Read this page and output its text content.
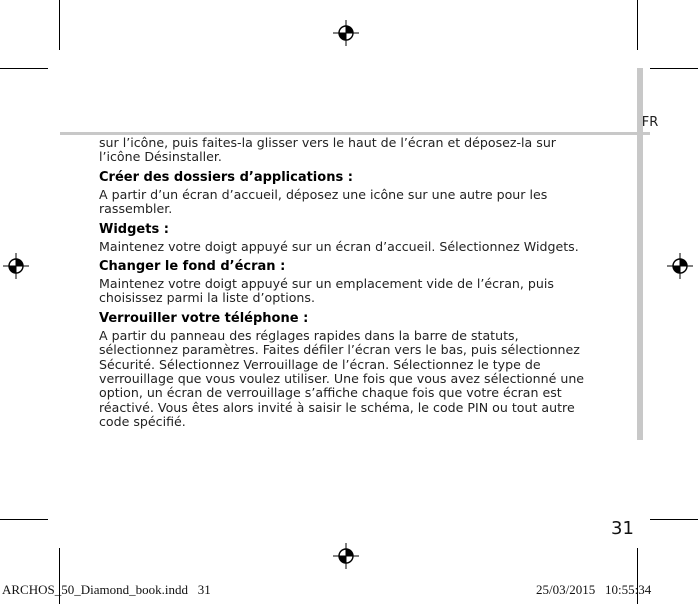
FR

sur l’icône, puis faites-la glisser vers le haut de l’écran et déposez-la sur l’icône Désinstaller.

Créer des dossiers d’applications :

A partir d’un écran d’accueil, déposez une icône sur une autre pour les rassembler.

Widgets :

Maintenez votre doigt appuyé sur un écran d’accueil. Sélectionnez Widgets.

Changer le fond d’écran :

Maintenez votre doigt appuyé sur un emplacement vide de l’écran, puis choisissez parmi la liste d’options.

Verrouiller votre téléphone :

A partir du panneau des réglages rapides dans la barre de statuts, sélectionnez paramètres. Faites défiler l’écran vers le bas, puis sélectionnez Sécurité. Sélectionnez Verrouillage de l’écran. Sélectionnez le type de verrouillage que vous voulez utiliser. Une fois que vous avez sélectionné une option, un écran de verrouillage s’affiche chaque fois que votre écran est réactivé. Vous êtes alors invité à saisir le schéma, le code PIN ou tout autre code spécifié.

31
ARCHOS_50_Diamond_book.indd   31	25/03/2015   10:55:34
